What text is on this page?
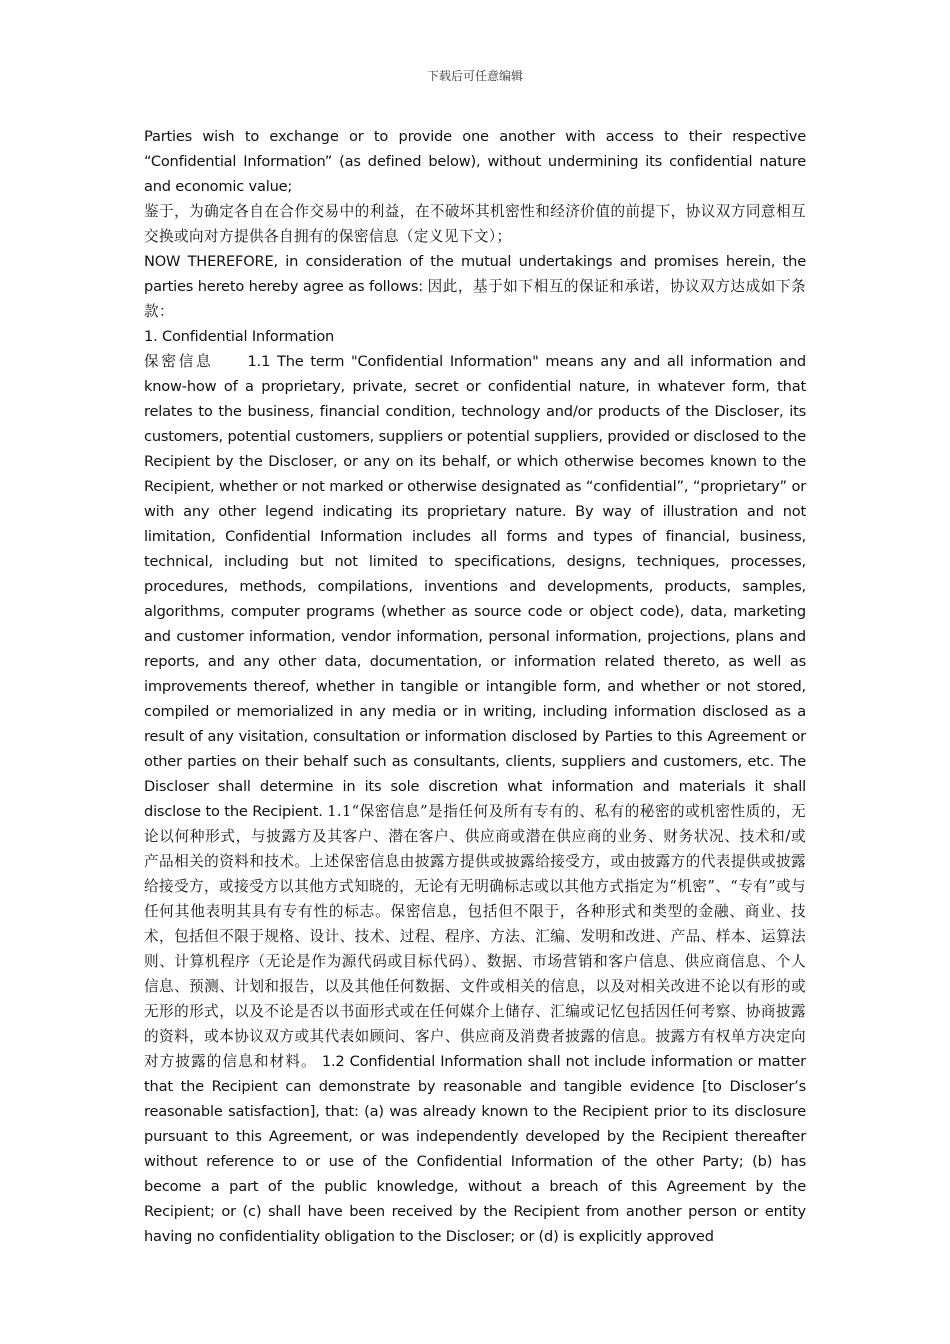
下载后可任意编辑

Parties wish to exchange or to provide one another with access to their respective “Confidential Information” (as defined below), without undermining its confidential nature and economic value;

鉴于，为确定各自在合作交易中的利益，在不破坏其机密性和经济价值的前提下，协议双方同意相互交换或向对方提供各自拥有的保密信息（定义见下文）；

NOW THEREFORE, in consideration of the mutual undertakings and promises herein, the parties hereto hereby agree as follows: 因此，基于如下相互的保证和承诺，协议双方达成如下条款：

1. Confidential Information

保密信息 1.1 The term "Confidential Information" means any and all information and know-how of a proprietary, private, secret or confidential nature, in whatever form, that relates to the business, financial condition, technology and/or products of the Discloser, its customers, potential customers, suppliers or potential suppliers, provided or disclosed to the Recipient by the Discloser, or any on its behalf, or which otherwise becomes known to the Recipient, whether or not marked or otherwise designated as “confidential”, “proprietary” or with any other legend indicating its proprietary nature. By way of illustration and not limitation, Confidential Information includes all forms and types of financial, business, technical, including but not limited to specifications, designs, techniques, processes, procedures, methods, compilations, inventions and developments, products, samples, algorithms, computer programs (whether as source code or object code), data, marketing and customer information, vendor information, personal information, projections, plans and reports, and any other data, documentation, or information related thereto, as well as improvements thereof, whether in tangible or intangible form, and whether or not stored, compiled or memorialized in any media or in writing, including information disclosed as a result of any visitation, consultation or information disclosed by Parties to this Agreement or other parties on their behalf such as consultants, clients, suppliers and customers, etc. The Discloser shall determine in its sole discretion what information and materials it shall disclose to the Recipient. 1.1“保密信息”是指任何及所有专有的、私有的秘密的或机密性质的，无论以何种形式，与披露方及其客户、潜在客户、供应商或潜在供应商的业务、财务状况、技术和/或产品相关的资料和技术。上述保密信息由披露方提供或披露给接受方，或由披露方的代表提供或披露给接受方，或接受方以其他方式知晓的，无论有无明确标志或以其他方式指定为“机密”、“专有”或与任何其他表明其具有专有性的标志。保密信息，包括但不限于，各种形式和类型的金融、商业、技术，包括但不限于规格、设计、技术、过程、程序、方法、汇编、发明和改进、产品、样本、运算法则、计算机程序（无论是作为源代码或目标代码）、数据、市场营销和客户信息、供应商信息、个人信息、预测、计划和报告，以及其他任何数据、文件或相关的信息，以及对相关改进不论以有形的或无形的形式，以及不论是否以书面形式或在任何媒介上储存、汇编或记忆包括因任何考察、协商披露的资料，或本协议双方或其代表如顾问、客户、供应商及消费者披露的信息。披露方有权单方决定向对方披露的信息和材料。 1.2 Confidential Information shall not include information or matter that the Recipient can demonstrate by reasonable and tangible evidence [to Discloser’s reasonable satisfaction], that: (a) was already known to the Recipient prior to its disclosure pursuant to this Agreement, or was independently developed by the Recipient thereafter without reference to or use of the Confidential Information of the other Party; (b) has become a part of the public knowledge, without a breach of this Agreement by the Recipient; or (c) shall have been received by the Recipient from another person or entity having no confidentiality obligation to the Discloser; or (d) is explicitly approved
